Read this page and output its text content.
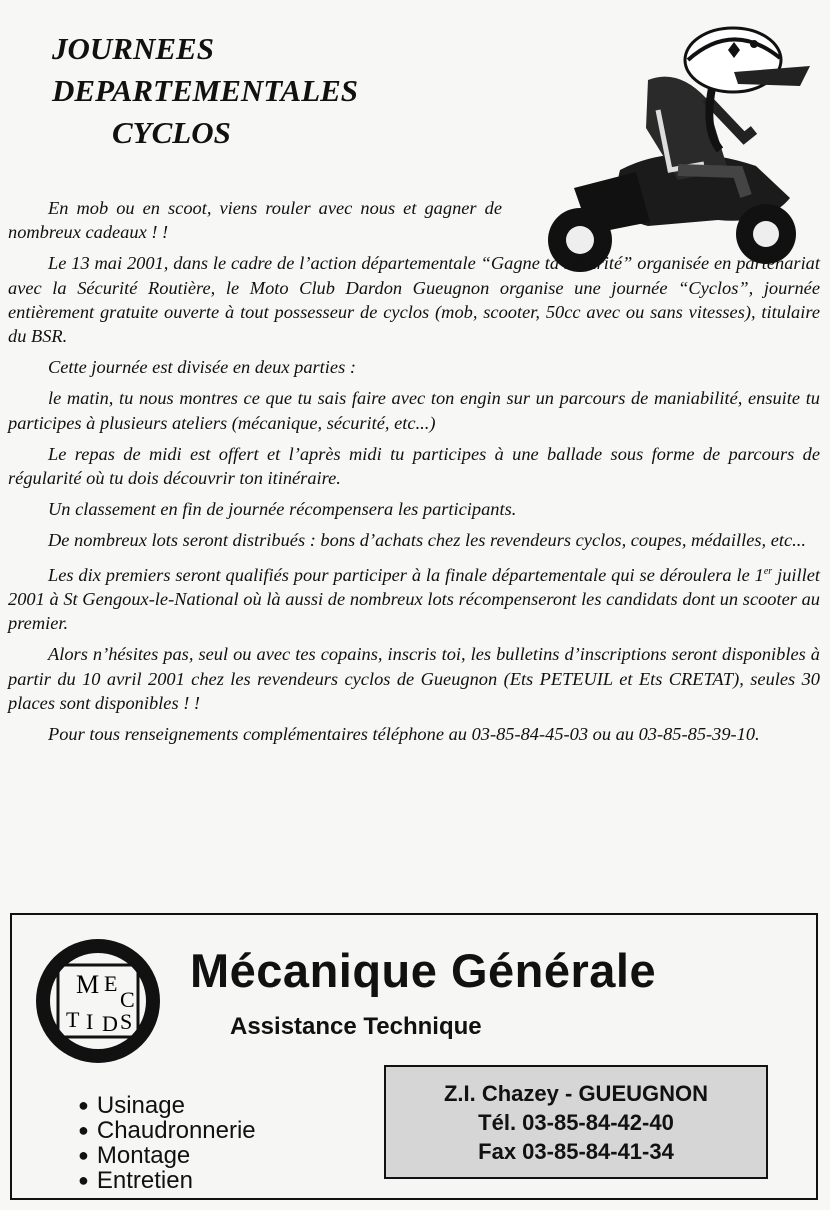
JOURNEES
DEPARTEMENTALES
CYCLOS

En mob ou en scoot, viens rouler avec nous et gagner de nombreux cadeaux ! !

Le 13 mai 2001, dans le cadre de l’action départementale “Gagne ta sécurité” organisée en partenariat avec la Sécurité Routière, le Moto Club Dardon Gueugnon organise une journée “Cyclos”, journée entièrement gratuite ouverte à tout possesseur de cyclos (mob, scooter, 50cc avec ou sans vitesses), titulaire du BSR.

Cette journée est divisée en deux parties :

le matin, tu nous montres ce que tu sais faire avec ton engin sur un parcours de maniabilité, ensuite tu participes à plusieurs ateliers (mécanique, sécurité, etc...)

Le repas de midi est offert et l’après midi tu participes à une ballade sous forme de parcours de régularité où tu dois découvrir ton itinéraire.

Un classement en fin de journée récompensera les participants.

De nombreux lots seront distribués : bons d’achats chez les revendeurs cyclos, coupes, médailles, etc...

Les dix premiers seront qualifiés pour participer à la finale départementale qui se déroulera le 1er juillet 2001 à St Gengoux-le-National où là aussi de nombreux lots récompenseront les candidats dont un scooter au premier.

Alors n’hésites pas, seul ou avec tes copains, inscris toi, les bulletins d’inscriptions seront disponibles à partir du 10 avril 2001 chez les revendeurs cyclos de Gueugnon (Ets PETEUIL et Ets CRETAT), seules 30 places sont disponibles ! !

Pour tous renseignements complémentaires téléphone au 03-85-84-45-03 ou au 03-85-85-39-10.

M E
C
T I D S
Mécanique Générale
Assistance Technique
● Usinage
● Chaudronnerie
● Montage
● Entretien
Z.I. Chazey - GUEUGNON
Tél. 03-85-84-42-40
Fax 03-85-84-41-34
